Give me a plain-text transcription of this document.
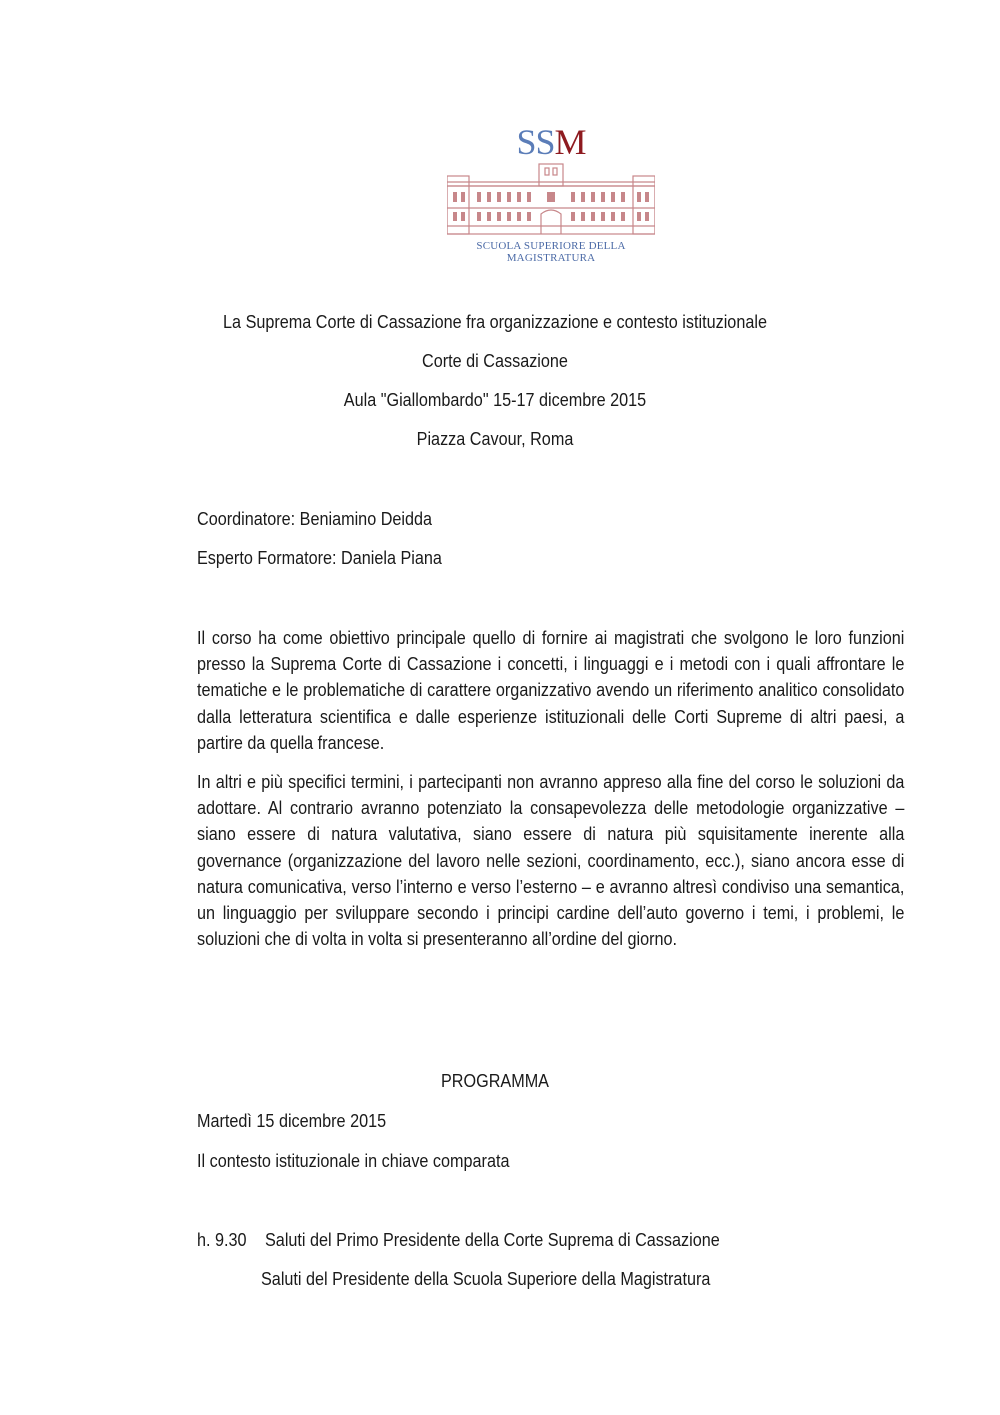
SSM
SCUOLA SUPERIORE DELLA MAGISTRATURA
La Suprema Corte di Cassazione fra organizzazione e contesto istituzionale
Corte di Cassazione
Aula "Giallombardo" 15-17 dicembre 2015
Piazza Cavour, Roma
Coordinatore: Beniamino Deidda
Esperto Formatore: Daniela Piana
Il corso ha come obiettivo principale quello di fornire ai magistrati che svolgono le loro funzioni presso la Suprema Corte di Cassazione i concetti, i linguaggi e i metodi con i quali affrontare le tematiche e le problematiche di carattere organizzativo avendo un riferimento analitico consolidato dalla letteratura scientifica e dalle esperienze istituzionali delle Corti Supreme di altri paesi, a partire da quella francese.
In altri e più specifici termini, i partecipanti non avranno appreso alla fine del corso le soluzioni da adottare. Al contrario avranno potenziato la consapevolezza delle metodologie organizzative – siano essere di natura valutativa, siano essere di natura più squisitamente inerente alla governance (organizzazione del lavoro nelle sezioni, coordinamento, ecc.), siano ancora esse di natura comunicativa, verso l’interno e verso l’esterno – e avranno altresì condiviso una semantica, un linguaggio per sviluppare secondo i principi cardine dell’auto governo i temi, i problemi, le soluzioni che di volta in volta si presenteranno all’ordine del giorno.
PROGRAMMA
Martedì 15 dicembre 2015
Il contesto istituzionale in chiave comparata
h. 9.30 Saluti del Primo Presidente della Corte Suprema di Cassazione
Saluti del Presidente della Scuola Superiore della Magistratura
